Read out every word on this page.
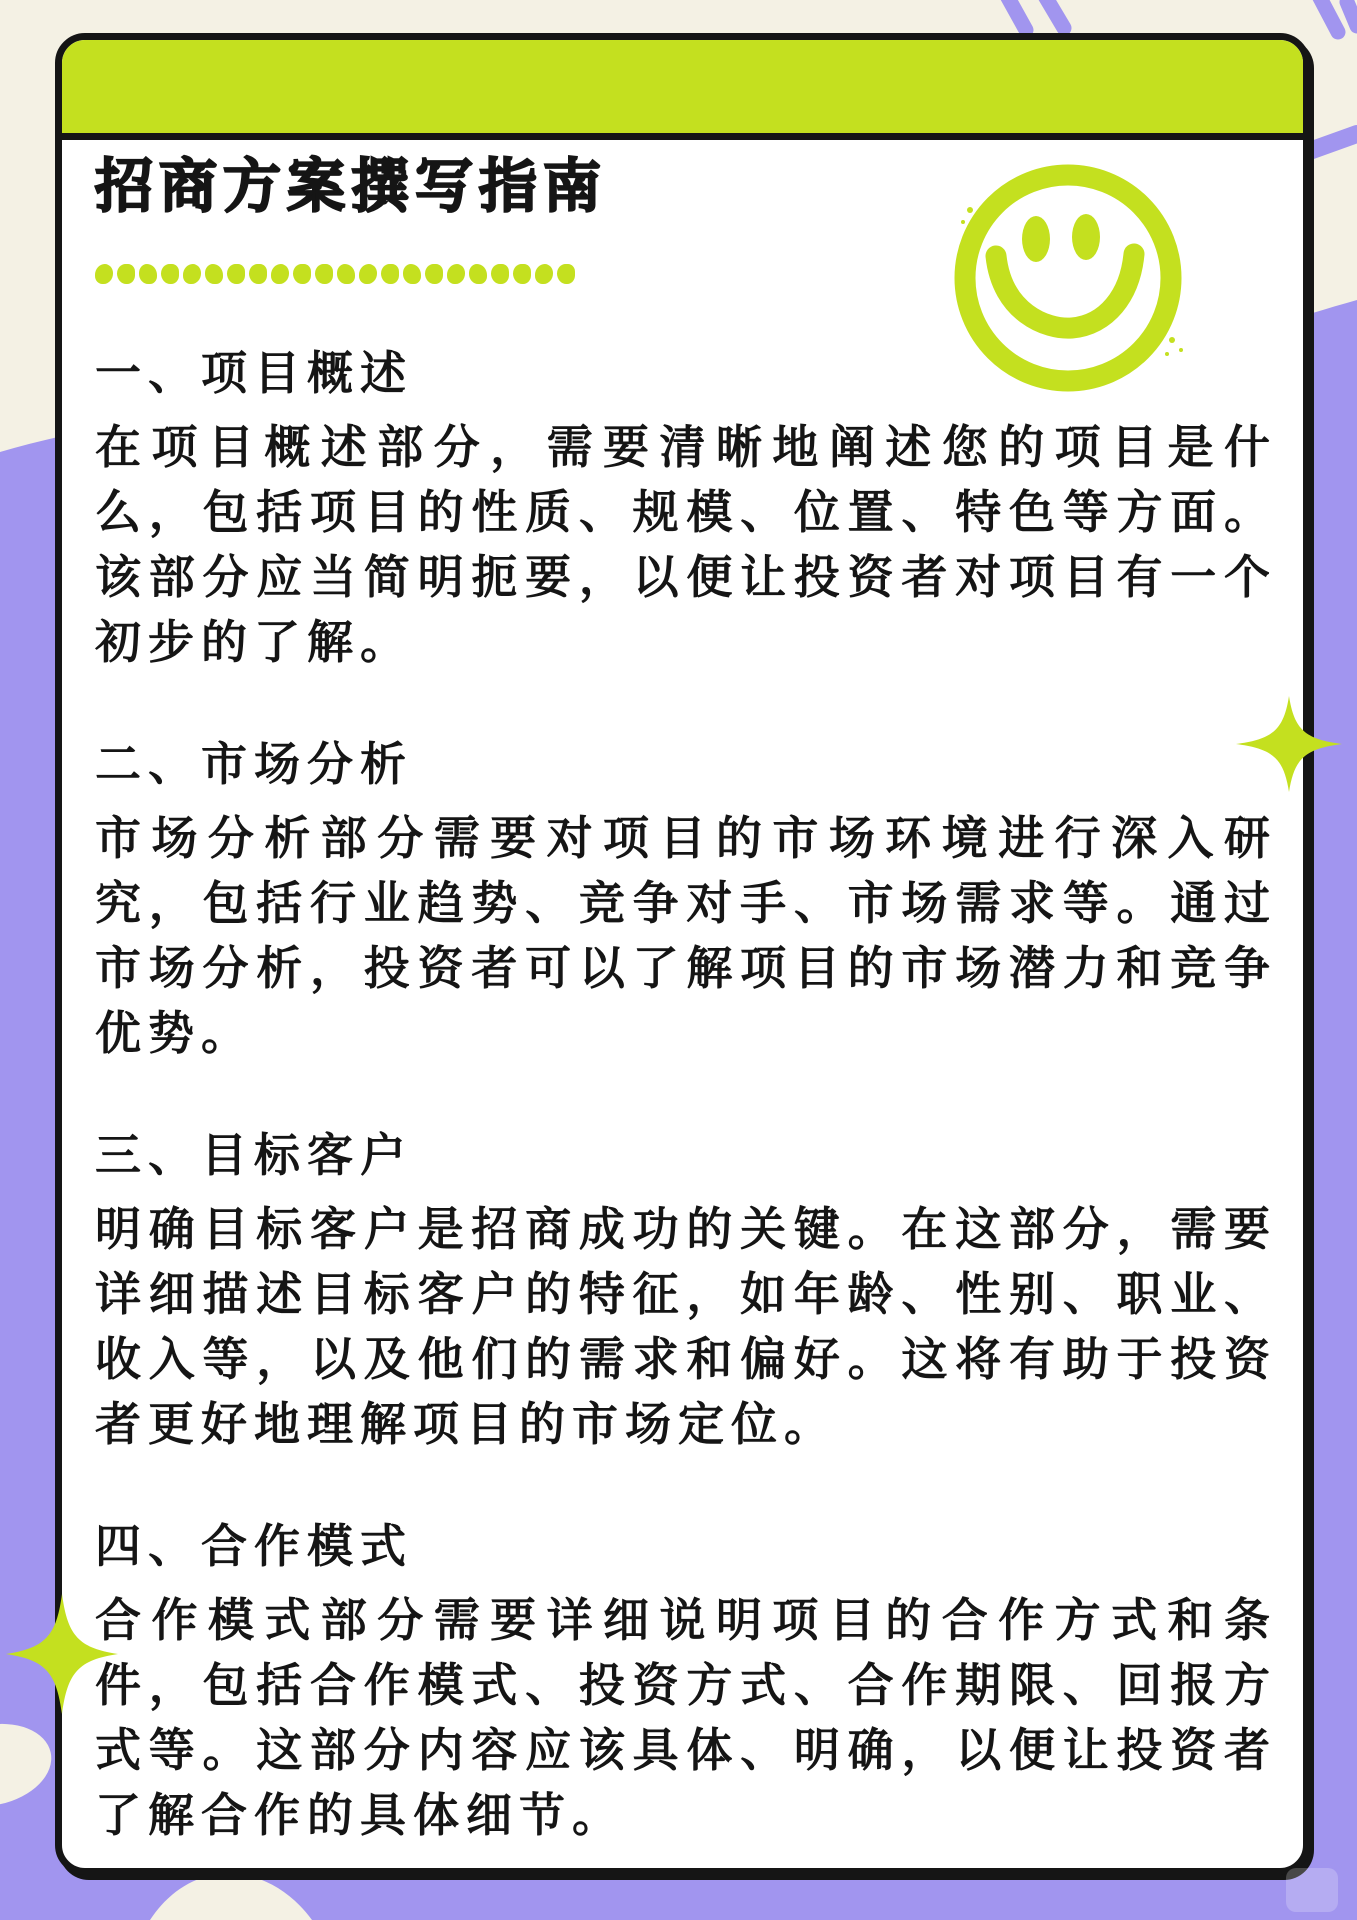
招商方案撰写指南
一、项目概述

在项目概述部分，需要清晰地阐述您的项目是什么，包括项目的性质、规模、位置、特色等方面。该部分应当简明扼要，以便让投资者对项目有一个初步的了解。

二、市场分析

市场分析部分需要对项目的市场环境进行深入研究，包括行业趋势、竞争对手、市场需求等。通过市场分析，投资者可以了解项目的市场潜力和竞争优势。

三、目标客户

明确目标客户是招商成功的关键。在这部分，需要详细描述目标客户的特征，如年龄、性别、职业、收入等，以及他们的需求和偏好。这将有助于投资者更好地理解项目的市场定位。

四、合作模式

合作模式部分需要详细说明项目的合作方式和条件，包括合作模式、投资方式、合作期限、回报方式等。这部分内容应该具体、明确，以便让投资者了解合作的具体细节。
